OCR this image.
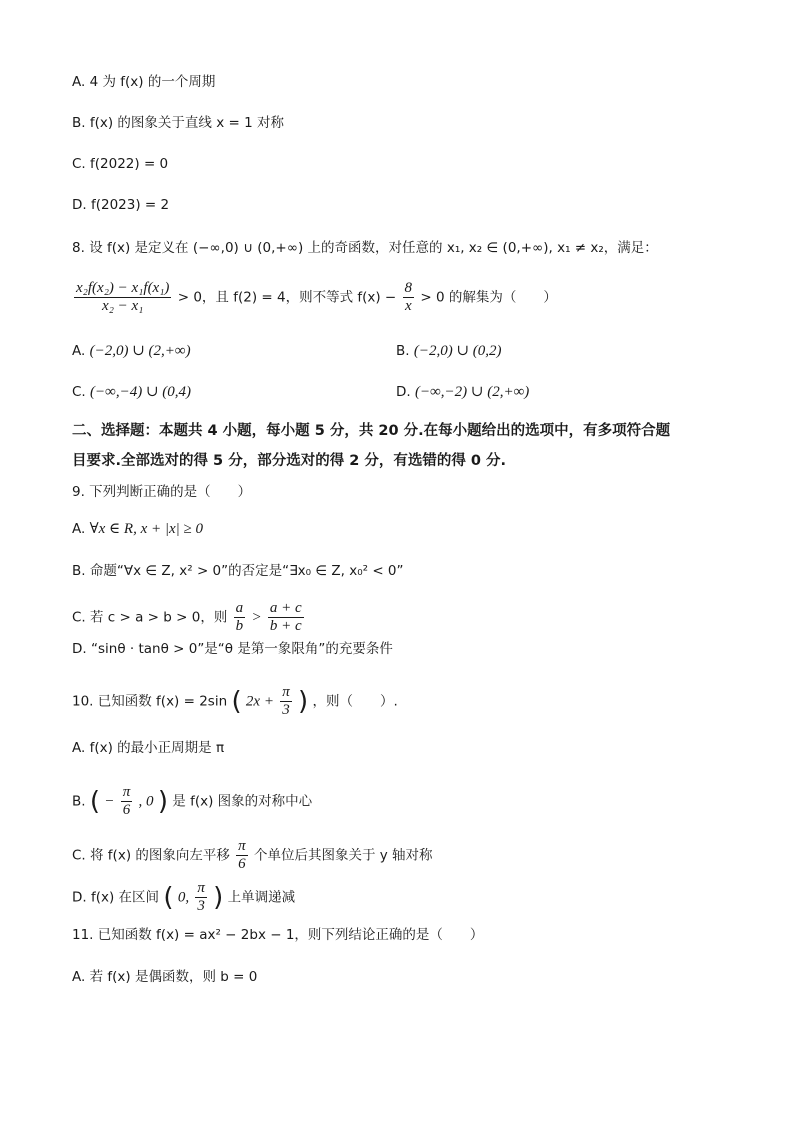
A. 4 为 f(x) 的一个周期
B. f(x) 的图象关于直线 x = 1 对称
C. f(2022) = 0
D. f(2023) = 2
8. 设 f(x) 是定义在 (−∞,0) ∪ (0,+∞) 上的奇函数，对任意的 x₁, x₂ ∈ (0,+∞), x₁ ≠ x₂，满足：
$\frac{\text{x₂f(x₂) − x₁f(x₁)}}{\text{x₂ − x₁}} > 0$，且 f(2) = 4，则不等式 $f(x) - \frac{8}{x} > 0$ 的解集为（　　）
A. (−2,0) ∪ (2,+∞)	B. (−2,0) ∪ (0,2)
C. (−∞,−4) ∪ (0,4)	D. (−∞,−2) ∪ (2,+∞)
二、选择题：本题共 4 小题，每小题 5 分，共 20 分.在每小题给出的选项中，有多项符合题
目要求.全部选对的得 5 分，部分选对的得 2 分，有选错的得 0 分.
9. 下列判断正确的是（　　）
A. ∀x ∈ R, x + |x| ≥ 0
B. 命题“∀x ∈ Z, x² > 0”的否定是“∃x₀ ∈ Z, x₀² < 0”
C. 若 c > a > b > 0，则 $\frac{a}{b} > \frac{a + c}{b + c}$
D. “sinθ · tanθ > 0”是“θ 是第一象限角”的充要条件
10. 已知函数 f(x) = 2sin ( $2x + \frac{\pi}{3}$ ) ，则（　　）.
A. f(x) 的最小正周期是 π
B. ( − $\frac{\pi}{6}$ , 0 ) 是 f(x) 图象的对称中心
C. 将 f(x) 的图象向左平移 $\frac{\pi}{6}$ 个单位后其图象关于 y 轴对称
D. f(x) 在区间 ( 0, $\frac{\pi}{3}$ ) 上单调递减
11. 已知函数 f(x) = ax² − 2bx − 1，则下列结论正确的是（　　）
A. 若 f(x) 是偶函数，则 b = 0
